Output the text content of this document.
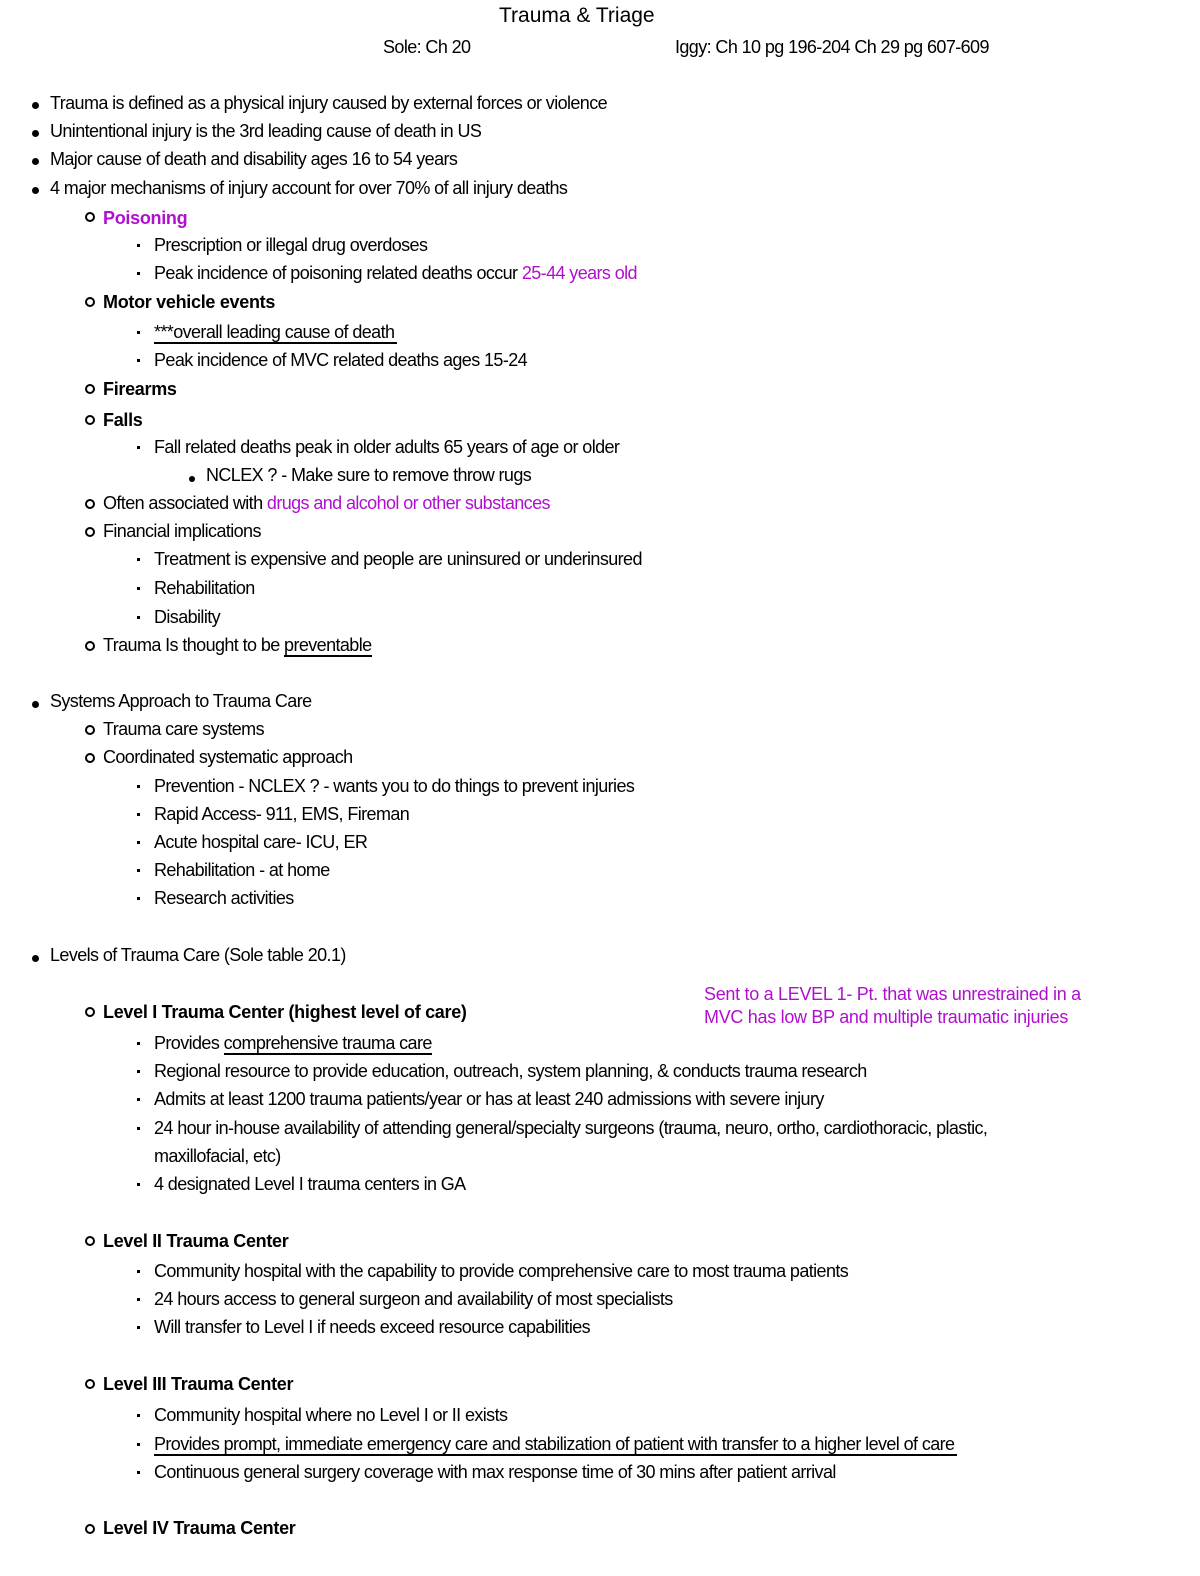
Trauma & Triage
Sole: Ch 20	Iggy: Ch 10 pg 196-204 Ch 29 pg 607-609
Trauma is defined as a physical injury caused by external forces or violence
Unintentional injury is the 3rd leading cause of death in US
Major cause of death and disability ages 16 to 54 years
4 major mechanisms of injury account for over 70% of all injury deaths
Poisoning
Prescription or illegal drug overdoses
Peak incidence of poisoning related deaths occur 25-44 years old
Motor vehicle events
***overall leading cause of death
Peak incidence of MVC related deaths ages 15-24
Firearms
Falls
Fall related deaths peak in older adults 65 years of age or older
NCLEX ? - Make sure to remove throw rugs
Often associated with drugs and alcohol or other substances
Financial implications
Treatment is expensive and people are uninsured or underinsured
Rehabilitation
Disability
Trauma Is thought to be preventable
Systems Approach to Trauma Care
Trauma care systems
Coordinated systematic approach
Prevention - NCLEX ? - wants you to do things to prevent injuries
Rapid Access- 911, EMS, Fireman
Acute hospital care- ICU, ER
Rehabilitation - at home
Research activities
Levels of Trauma Care (Sole table 20.1)
Sent to a LEVEL 1- Pt. that was unrestrained in a
MVC has low BP and multiple traumatic injuries
Level I Trauma Center (highest level of care)
Provides comprehensive trauma care
Regional resource to provide education, outreach, system planning, & conducts trauma research
Admits at least 1200 trauma patients/year or has at least 240 admissions with severe injury
24 hour in-house availability of attending general/specialty surgeons (trauma, neuro, ortho, cardiothoracic, plastic,
maxillofacial, etc)
4 designated Level I trauma centers in GA
Level II Trauma Center
Community hospital with the capability to provide comprehensive care to most trauma patients
24 hours access to general surgeon and availability of most specialists
Will transfer to Level I if needs exceed resource capabilities
Level III Trauma Center
Community hospital where no Level I or II exists
Provides prompt, immediate emergency care and stabilization of patient with transfer to a higher level of care
Continuous general surgery coverage with max response time of 30 mins after patient arrival
Level IV Trauma Center
